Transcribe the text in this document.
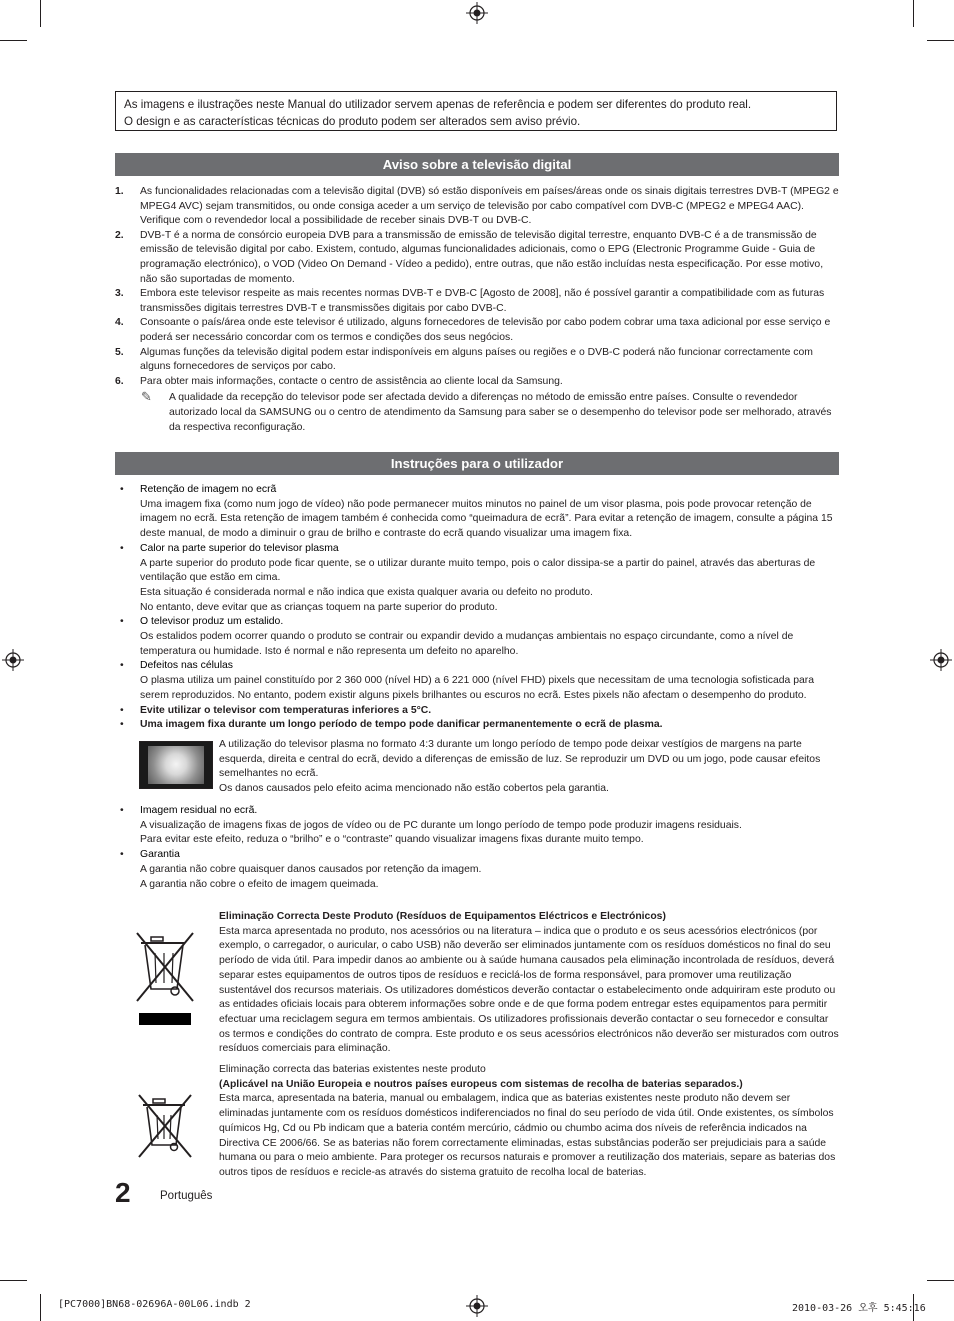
As imagens e ilustrações neste Manual do utilizador servem apenas de referência e podem ser diferentes do produto real.
O design e as características técnicas do produto podem ser alterados sem aviso prévio.
Aviso sobre a televisão digital
1. As funcionalidades relacionadas com a televisão digital (DVB) só estão disponíveis em países/áreas onde os sinais digitais terrestres DVB-T (MPEG2 e MPEG4 AVC) sejam transmitidos, ou onde consiga aceder a um serviço de televisão por cabo compatível com DVB-C (MPEG2 e MPEG4 AAC). Verifique com o revendedor local a possibilidade de receber sinais DVB-T ou DVB-C.
2. DVB-T é a norma de consórcio europeia DVB para a transmissão de emissão de televisão digital terrestre, enquanto DVB-C é a de transmissão de emissão de televisão digital por cabo. Existem, contudo, algumas funcionalidades adicionais, como o EPG (Electronic Programme Guide - Guia de programação electrónico), o VOD (Video On Demand - Vídeo a pedido), entre outras, que não estão incluídas nesta especificação. Por esse motivo, não são suportadas de momento.
3. Embora este televisor respeite as mais recentes normas DVB-T e DVB-C [Agosto de 2008], não é possível garantir a compatibilidade com as futuras transmissões digitais terrestres DVB-T e transmissões digitais por cabo DVB-C.
4. Consoante o país/área onde este televisor é utilizado, alguns fornecedores de televisão por cabo podem cobrar uma taxa adicional por esse serviço e poderá ser necessário concordar com os termos e condições dos seus negócios.
5. Algumas funções da televisão digital podem estar indisponíveis em alguns países ou regiões e o DVB-C poderá não funcionar correctamente com alguns fornecedores de serviços por cabo.
6. Para obter mais informações, contacte o centro de assistência ao cliente local da Samsung.
✎ A qualidade da recepção do televisor pode ser afectada devido a diferenças no método de emissão entre países. Consulte o revendedor autorizado local da SAMSUNG ou o centro de atendimento da Samsung para saber se o desempenho do televisor pode ser melhorado, através da respectiva reconfiguração.
Instruções para o utilizador
• Retenção de imagem no ecrã
Uma imagem fixa (como num jogo de vídeo) não pode permanecer muitos minutos no painel de um visor plasma, pois pode provocar retenção de imagem no ecrã. Esta retenção de imagem também é conhecida como “queimadura de ecrã”. Para evitar a retenção de imagem, consulte a página 15 deste manual, de modo a diminuir o grau de brilho e contraste do ecrã quando visualizar uma imagem fixa.
• Calor na parte superior do televisor plasma
A parte superior do produto pode ficar quente, se o utilizar durante muito tempo, pois o calor dissipa-se a partir do painel, através das aberturas de ventilação que estão em cima.
Esta situação é considerada normal e não indica que exista qualquer avaria ou defeito no produto.
No entanto, deve evitar que as crianças toquem na parte superior do produto.
• O televisor produz um estalido.
Os estalidos podem ocorrer quando o produto se contrair ou expandir devido a mudanças ambientais no espaço circundante, como a nível de temperatura ou humidade. Isto é normal e não representa um defeito no aparelho.
• Defeitos nas células
O plasma utiliza um painel constituído por 2 360 000 (nível HD) a 6 221 000 (nível FHD) pixels que necessitam de uma tecnologia sofisticada para serem reproduzidos. No entanto, podem existir alguns pixels brilhantes ou escuros no ecrã. Estes pixels não afectam o desempenho do produto.
• Evite utilizar o televisor com temperaturas inferiores a 5°C.
• Uma imagem fixa durante um longo período de tempo pode danificar permanentemente o ecrã de plasma.
A utilização do televisor plasma no formato 4:3 durante um longo período de tempo pode deixar vestígios de margens na parte esquerda, direita e central do ecrã, devido a diferenças de emissão de luz. Se reproduzir um DVD ou um jogo, pode causar efeitos semelhantes no ecrã.
Os danos causados pelo efeito acima mencionado não estão cobertos pela garantia.
• Imagem residual no ecrã.
A visualização de imagens fixas de jogos de vídeo ou de PC durante um longo período de tempo pode produzir imagens residuais.
Para evitar este efeito, reduza o “brilho” e o “contraste” quando visualizar imagens fixas durante muito tempo.
• Garantia
A garantia não cobre quaisquer danos causados por retenção da imagem.
A garantia não cobre o efeito de imagem queimada.
Eliminação Correcta Deste Produto (Resíduos de Equipamentos Eléctricos e Electrónicos)
Esta marca apresentada no produto, nos acessórios ou na literatura – indica que o produto e os seus acessórios electrónicos (por exemplo, o carregador, o auricular, o cabo USB) não deverão ser eliminados juntamente com os resíduos domésticos no final do seu período de vida útil. Para impedir danos ao ambiente ou à saúde humana causados pela eliminação incontrolada de resíduos, deverá separar estes equipamentos de outros tipos de resíduos e reciclá-los de forma responsável, para promover uma reutilização sustentável dos recursos materiais. Os utilizadores domésticos deverão contactar o estabelecimento onde adquiriram este produto ou as entidades oficiais locais para obterem informações sobre onde e de que forma podem entregar estes equipamentos para permitir efectuar uma reciclagem segura em termos ambientais. Os utilizadores profissionais deverão contactar o seu fornecedor e consultar os termos e condições do contrato de compra. Este produto e os seus acessórios electrónicos não deverão ser misturados com outros resíduos comerciais para eliminação.
Eliminação correcta das baterias existentes neste produto
(Aplicável na União Europeia e noutros países europeus com sistemas de recolha de baterias separados.)
Esta marca, apresentada na bateria, manual ou embalagem, indica que as baterias existentes neste produto não devem ser eliminadas juntamente com os resíduos domésticos indiferenciados no final do seu período de vida útil. Onde existentes, os símbolos químicos Hg, Cd ou Pb indicam que a bateria contém mercúrio, cádmio ou chumbo acima dos níveis de referência indicados na Directiva CE 2006/66. Se as baterias não forem correctamente eliminadas, estas substâncias poderão ser prejudiciais para a saúde humana ou para o meio ambiente. Para proteger os recursos naturais e promover a reutilização dos materiais, separe as baterias dos outros tipos de resíduos e recicle-as através do sistema gratuito de recolha local de baterias.
2	Português
[PC7000]BN68-02696A-00L06.indb 2	2010-03-26 오후 5:45:16
